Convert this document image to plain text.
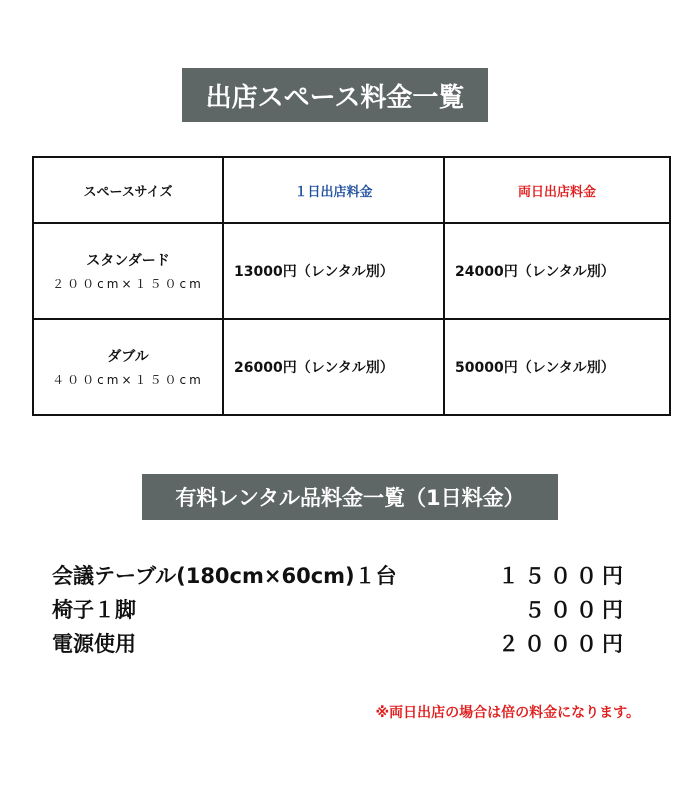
出店スペース料金一覧
スペースサイズ	１日出店料金	両日出店料金

スタンダード
２００cm×１５０cm	13000円（レンタル別）	24000円（レンタル別）

ダブル
４００cm×１５０cm	26000円（レンタル別）	50000円（レンタル別）
有料レンタル品料金一覧（1日料金）
会議テーブル(180cm×60cm)１台	１５００円
椅子１脚	５００円
電源使用	２０００円
※両日出店の場合は倍の料金になります。
